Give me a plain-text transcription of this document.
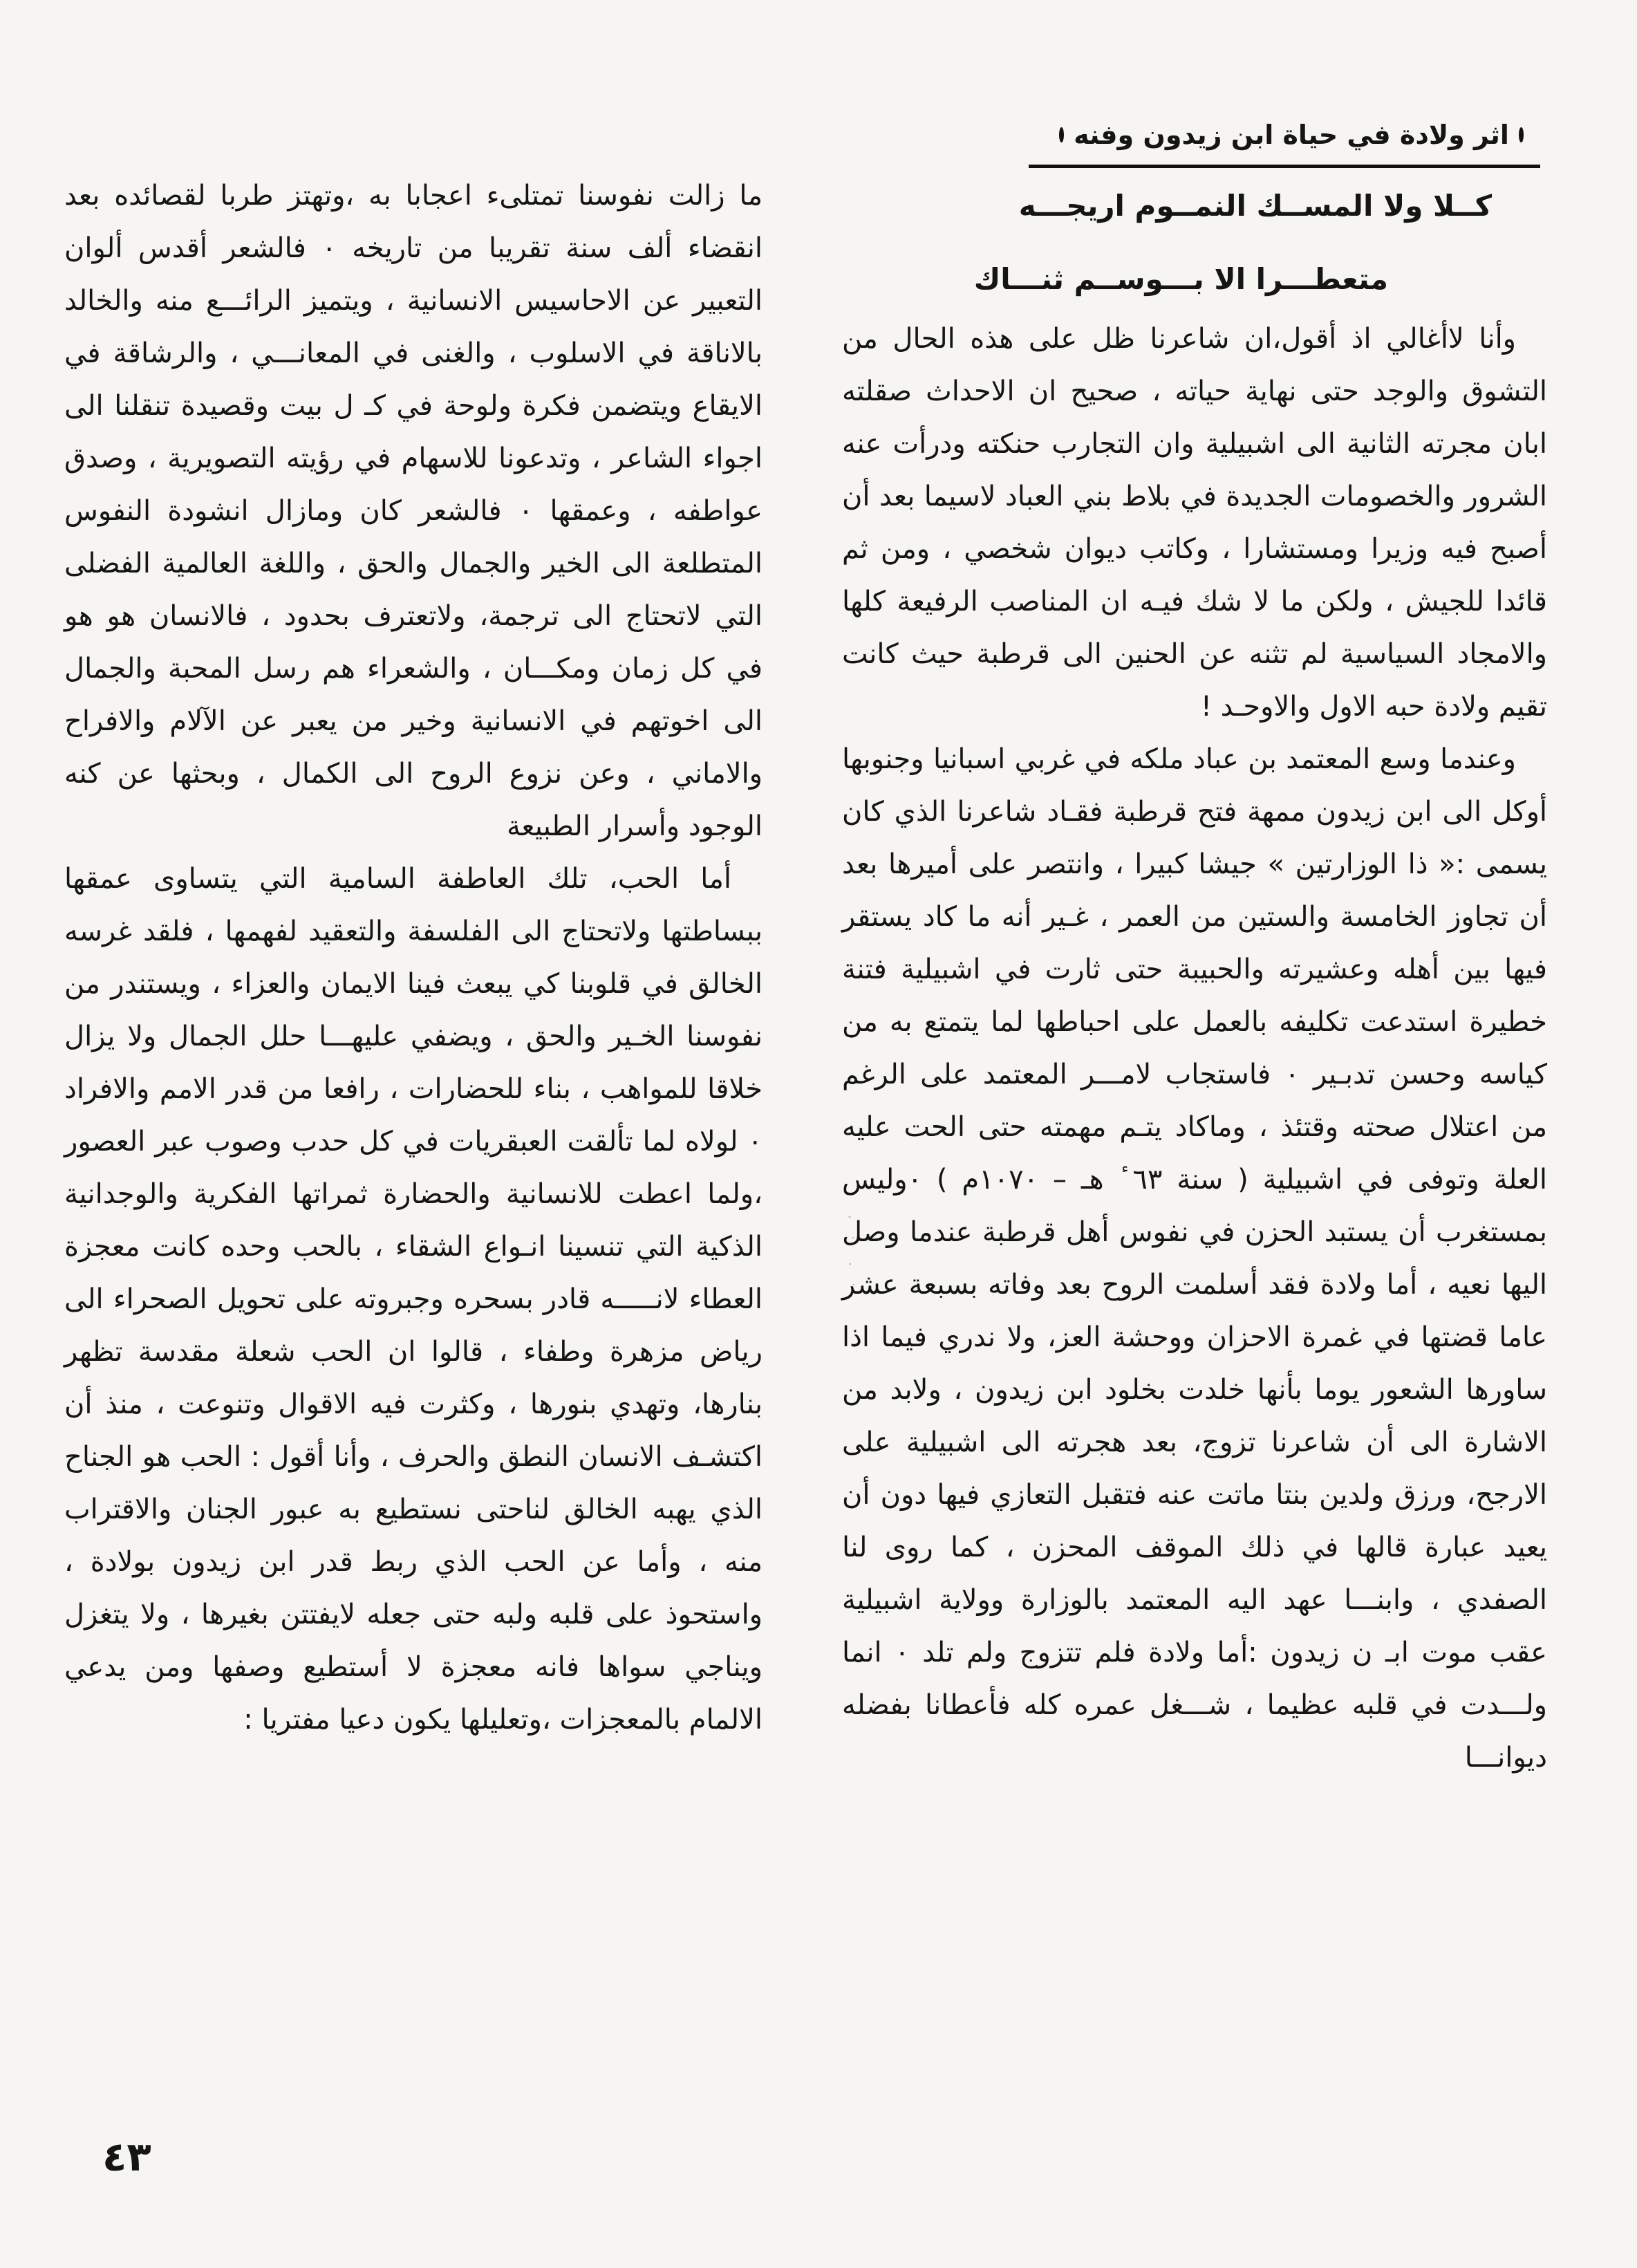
اثر ولادة في حياة ابن زيدون وفنه
كــلا ولا المســك النمــوم اريجـــه
متعطـــرا الا بـــوســم ثنـــاك

وأنا لاأغالي اذ أقول،ان شاعرنا ظل على هذه الحال من التشوق والوجد حتى نهاية حياته ، صحيح ان الاحداث صقلته ابان مجرته الثانية الى اشبيلية وان التجارب حنكته ودرأت عنه الشرور والخصومات الجديدة في بلاط بني العباد لاسيما بعد أن أصبح فيه وزيرا ومستشارا ، وكاتب ديوان شخصي ، ومن ثم قائدا للجيش ، ولكن ما لا شك فيـه ان المناصب الرفيعة كلها والامجاد السياسية لم تثنه عن الحنين الى قرطبة حيث كانت تقيم ولادة حبه الاول والاوحـد !

وعندما وسع المعتمد بن عباد ملكه في غربي اسبانيا وجنوبها أوكل الى ابن زيدون ممهة فتح قرطبة فقـاد شاعرنا الذي كان يسمى :« ذا الوزارتين » جيشا كبيرا ، وانتصر على أميرها بعد أن تجاوز الخامسة والستين من العمر ، غـير أنه ما كاد يستقر فيها بين أهله وعشيرته والحبيبة حتى ثارت في اشبيلية فتنة خطيرة استدعت تكليفه بالعمل على احباطها لما يتمتع به من كياسه وحسن تدبـير ٠ فاستجاب لامـــر المعتمد على الرغم من اعتلال صحته وقتئذ ، وماكاد يتـم مهمته حتى الحت عليه العلة وتوفى في اشبيلية ( سنة ٦٣ ٔ هـ – ١٠٧٠م ) ٠وليس بمستغرب أن يستبد الحزن في نفوس أهل قرطبة عندما وصل اليها نعيه ، أما ولادة فقد أسلمت الروح بعد وفاته بسبعة عشر عاما قضتها في غمرة الاحزان ووحشة العز، ولا ندري فيما اذا ساورها الشعور يوما بأنها خلدت بخلود ابن زيدون ، ولابد من الاشارة الى أن شاعرنا تزوج، بعد هجرته الى اشبيلية على الارجح، ورزق ولدين بنتا ماتت عنه فتقبل التعازي فيها دون أن يعيد عبارة قالها في ذلك الموقف المحزن ، كما روى لنا الصفدي ، وابنـــا عهد اليه المعتمد بالوزارة وولاية اشبيلية عقب موت ابـ ن زيدون :أما ولادة فلم تتزوج ولم تلد ٠ انما ولـــدت في قلبه عظيما ، شـــغل عمره كله فأعطانا بفضله ديوانـــا

ما زالت نفوسنا تمتلىء اعجابا به ،وتهتز طربا لقصائده بعد انقضاء ألف سنة تقريبا من تاريخه ٠ فالشعر أقدس ألوان التعبير عن الاحاسيس الانسانية ، ويتميز الرائـــع منه والخالد بالاناقة في الاسلوب ، والغنى في المعانـــي ، والرشاقة في الايقاع ويتضمن فكرة ولوحة في كـ ل بيت وقصيدة تنقلنا الى اجواء الشاعر ، وتدعونا للاسهام في رؤيته التصويرية ، وصدق عواطفه ، وعمقها ٠ فالشعر كان ومازال انشودة النفوس المتطلعة الى الخير والجمال والحق ، واللغة العالمية الفضلى التي لاتحتاج الى ترجمة، ولاتعترف بحدود ، فالانسان هو هو في كل زمان ومكـــان ، والشعراء هم رسل المحبة والجمال الى اخوتهم في الانسانية وخير من يعبر عن الآلام والافراح والاماني ، وعن نزوع الروح الى الكمال ، وبحثها عن كنه الوجود وأسرار الطبيعة

أما الحب، تلك العاطفة السامية التي يتساوى عمقها ببساطتها ولاتحتاج الى الفلسفة والتعقيد لفهمها ، فلقد غرسه الخالق في قلوبنا كي يبعث فينا الايمان والعزاء ، ويستندر من نفوسنا الخـير والحق ، ويضفي عليهـــا حلل الجمال ولا يزال خلاقا للمواهب ، بناء للحضارات ، رافعا من قدر الامم والافراد ٠ لولاه لما تألقت العبقريات في كل حدب وصوب عبر العصور ،ولما اعطت للانسانية والحضارة ثمراتها الفكرية والوجدانية الذكية التي تنسينا انـواع الشقاء ، بالحب وحده كانت معجزة العطاء لانـــــه قادر بسحره وجبروته على تحويل الصحراء الى رياض مزهرة وطفاء ، قالوا ان الحب شعلة مقدسة تظهر بنارها، وتهدي بنورها ، وكثرت فيه الاقوال وتنوعت ، منذ أن اكتشـف الانسان النطق والحرف ، وأنا أقول : الحب هو الجناح الذي يهبه الخالق لناحتى نستطيع به عبور الجنان والاقتراب منه ، وأما عن الحب الذي ربط قدر ابن زيدون بولادة ، واستحوذ على قلبه ولبه حتى جعله لايفتتن بغيرها ، ولا يتغزل ويناجي سواها فانه معجزة لا أستطيع وصفها ومن يدعي الالمام بالمعجزات ،وتعليلها يكون دعيا مفتريا :

٤٣
